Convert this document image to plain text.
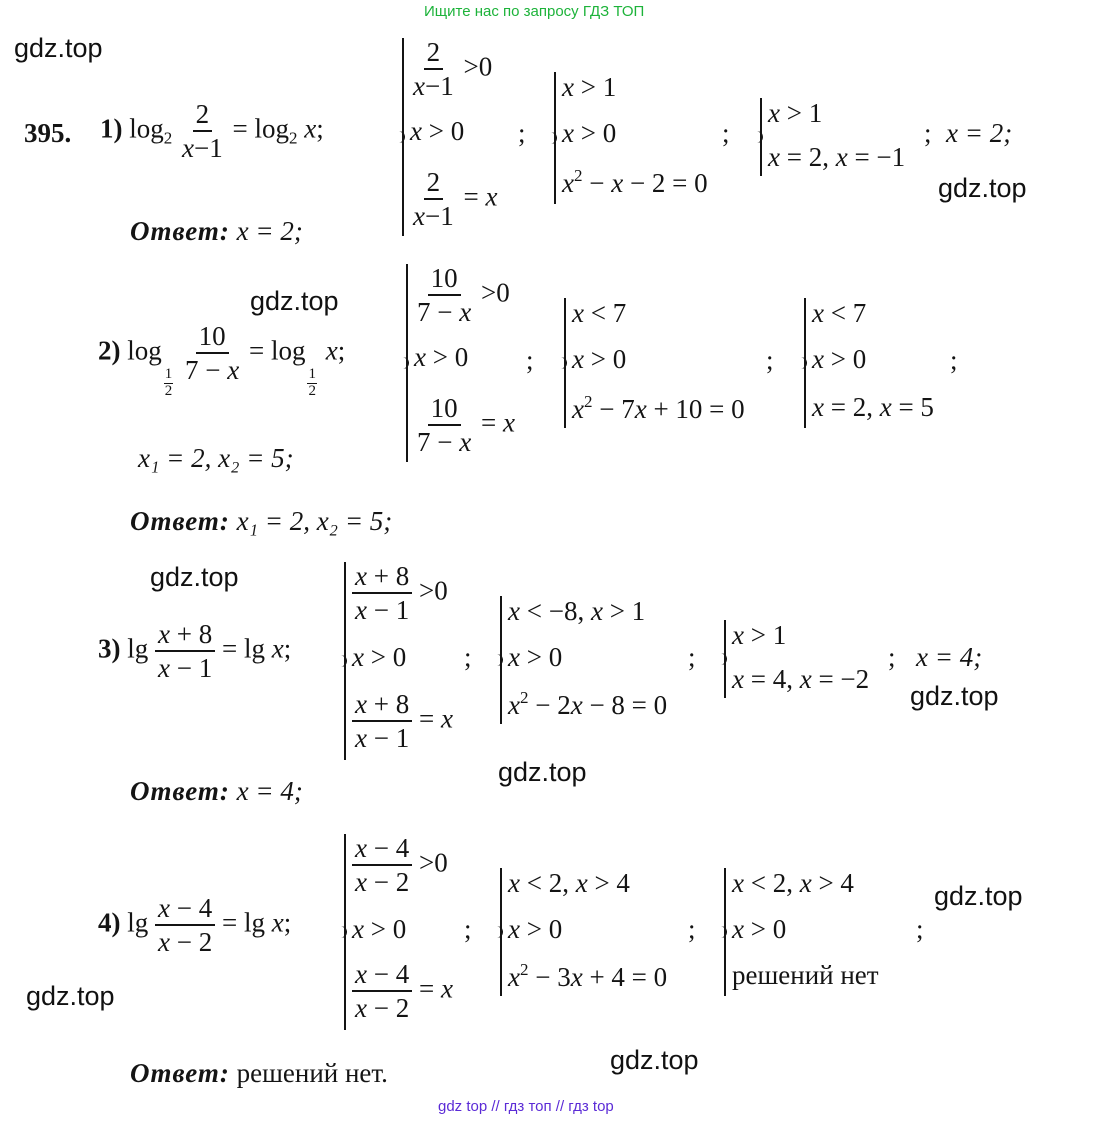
Ищите нас по запросу ГДЗ ТОП
gdz.top
gdz.top
gdz.top
gdz.top
gdz.top
gdz.top
gdz.top
gdz.top
gdz.top
395. 1) $\log_2 \frac{2}{x-1} = \log_2 x$;
$\frac{2}{x-1} >0$
x > 0
$\frac{2}{x-1} = x$
;
x > 1
x > 0
$x^2 - x - 2 = 0$
;
x > 1
x = 2, x = −1
; x = 2;
Ответ: x = 2;
2) log
$\frac{1}{2}$
$\frac{10}{7 - x} = \log$
$\frac{1}{2}$
x;
$\frac{10}{7 - x} >0$
x > 0
$\frac{10}{7 - x} = x$
;
x < 7
x > 0
$x^2 - 7x + 10 = 0$
;
x < 7
x > 0
x = 2, x = 5
;
x₁ = 2, x₂ = 5;
Ответ: x₁ = 2, x₂ = 5;
3) $\lg \frac{x + 8}{x - 1} = \lg x$;
$\frac{x + 8}{x - 1} >0$
x > 0
$\frac{x + 8}{x - 1} = x$
;
x < −8, x > 1
x > 0
$x^2 - 2x - 8 = 0$
;
x > 1
x = 4, x = −2
; x = 4;
Ответ: x = 4;
4) $\lg \frac{x - 4}{x - 2} = \lg x$;
$\frac{x - 4}{x - 2} >0$
x > 0
$\frac{x - 4}{x - 2} = x$
;
x < 2, x > 4
x > 0
$x^2 - 3x + 4 = 0$
;
x < 2, x > 4
x > 0
решений нет
;
Ответ: решений нет.
gdz top // гдз топ // гдз top
